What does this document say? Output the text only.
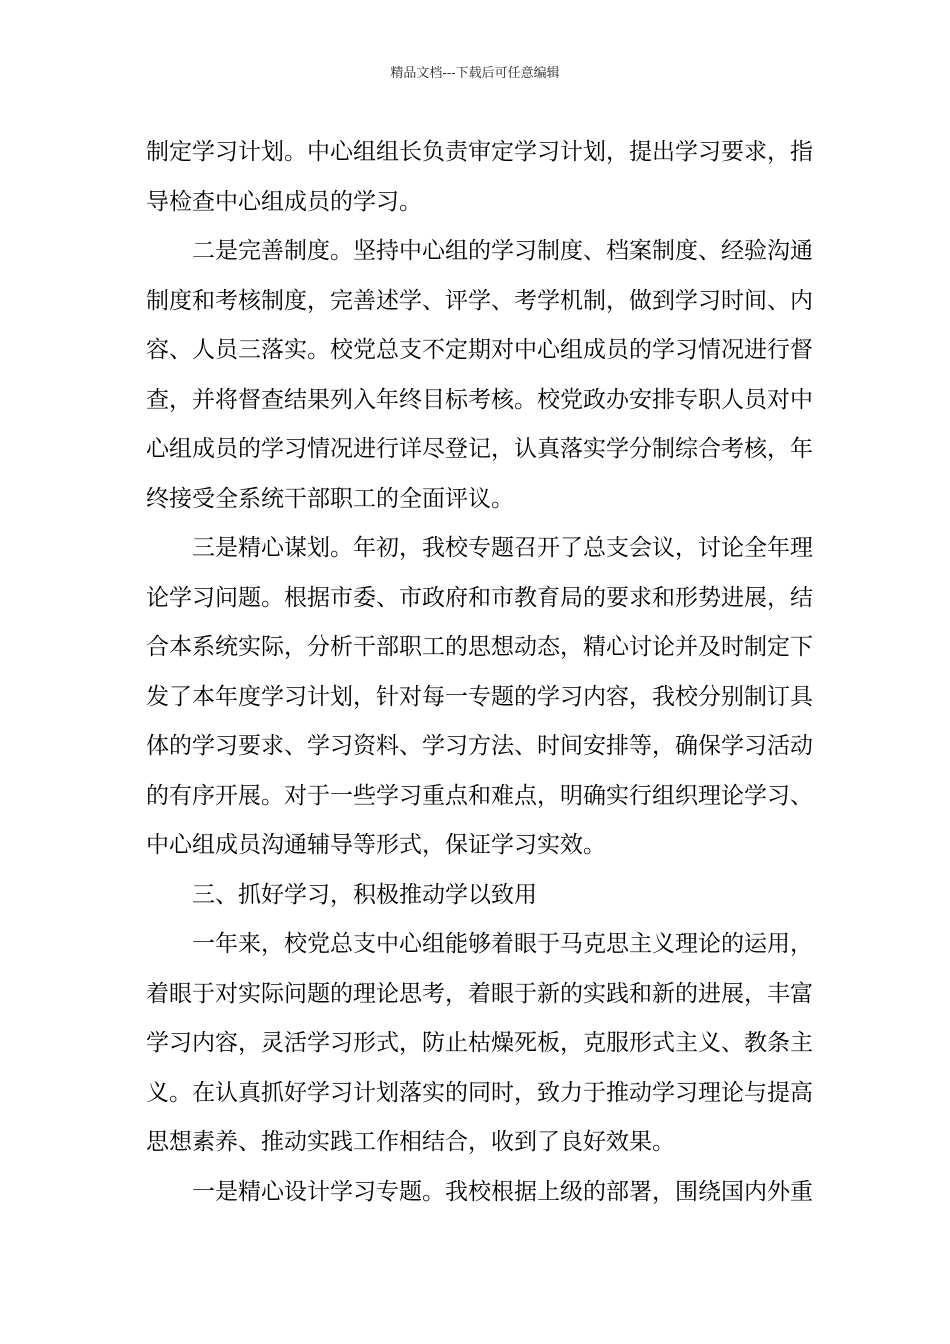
精品文档---下载后可任意编辑
制 定 学 习 计 划 。 中 心 组 组 长 负 责 审 定 学 习 计 划 ， 提 出 学 习 要 求 ， 指
导检查中心组成员的学习。
二 是 完 善 制 度 。 坚 持 中 心 组 的 学 习 制 度 、 档 案 制 度 、 经 验 沟 通
制 度 和 考 核 制 度 ， 完 善 述 学 、 评 学 、 考 学 机 制 ， 做 到 学 习 时 间 、 内
容 、 人 员 三 落 实 。 校 党 总 支 不 定 期 对 中 心 组 成 员 的 学 习 情 况 进 行 督
查 ， 并 将 督 查 结 果 列 入 年 终 目 标 考 核 。 校 党 政 办 安 排 专 职 人 员 对 中
心 组 成 员 的 学 习 情 况 进 行 详 尽 登 记 ， 认 真 落 实 学 分 制 综 合 考 核 ， 年
终接受全系统干部职工的全面评议。
三 是 精 心 谋 划 。 年 初 ， 我 校 专 题 召 开 了 总 支 会 议 ， 讨 论 全 年 理
论 学 习 问 题 。 根 据 市 委 、 市 政 府 和 市 教 育 局 的 要 求 和 形 势 进 展 ， 结
合 本 系 统 实 际 ， 分 析 干 部 职 工 的 思 想 动 态 ， 精 心 讨 论 并 及 时 制 定 下
发 了 本 年 度 学 习 计 划 ， 针 对 每 一 专 题 的 学 习 内 容 ， 我 校 分 别 制 订 具
体 的 学 习 要 求 、 学 习 资 料 、 学 习 方 法 、 时 间 安 排 等 ， 确 保 学 习 活 动
的 有 序 开 展 。 对 于 一 些 学 习 重 点 和 难 点 ， 明 确 实 行 组 织 理 论 学 习 、
中心组成员沟通辅导等形式，保证学习实效。
三、抓好学习，积极推动学以致用
一 年 来 ， 校 党 总 支 中 心 组 能 够 着 眼 于 马 克 思 主 义 理 论 的 运 用 ，
着 眼 于 对 实 际 问 题 的 理 论 思 考 ， 着 眼 于 新 的 实 践 和 新 的 进 展 ， 丰 富
学 习 内 容 ， 灵 活 学 习 形 式 ， 防 止 枯 燥 死 板 ， 克 服 形 式 主 义 、 教 条 主
义 。 在 认 真 抓 好 学 习 计 划 落 实 的 同 时 ， 致 力 于 推 动 学 习 理 论 与 提 高
思想素养、推动实践工作相结合，收到了良好效果。
一 是 精 心 设 计 学 习 专 题 。 我 校 根 据 上 级 的 部 署 ， 围 绕 国 内 外 重
